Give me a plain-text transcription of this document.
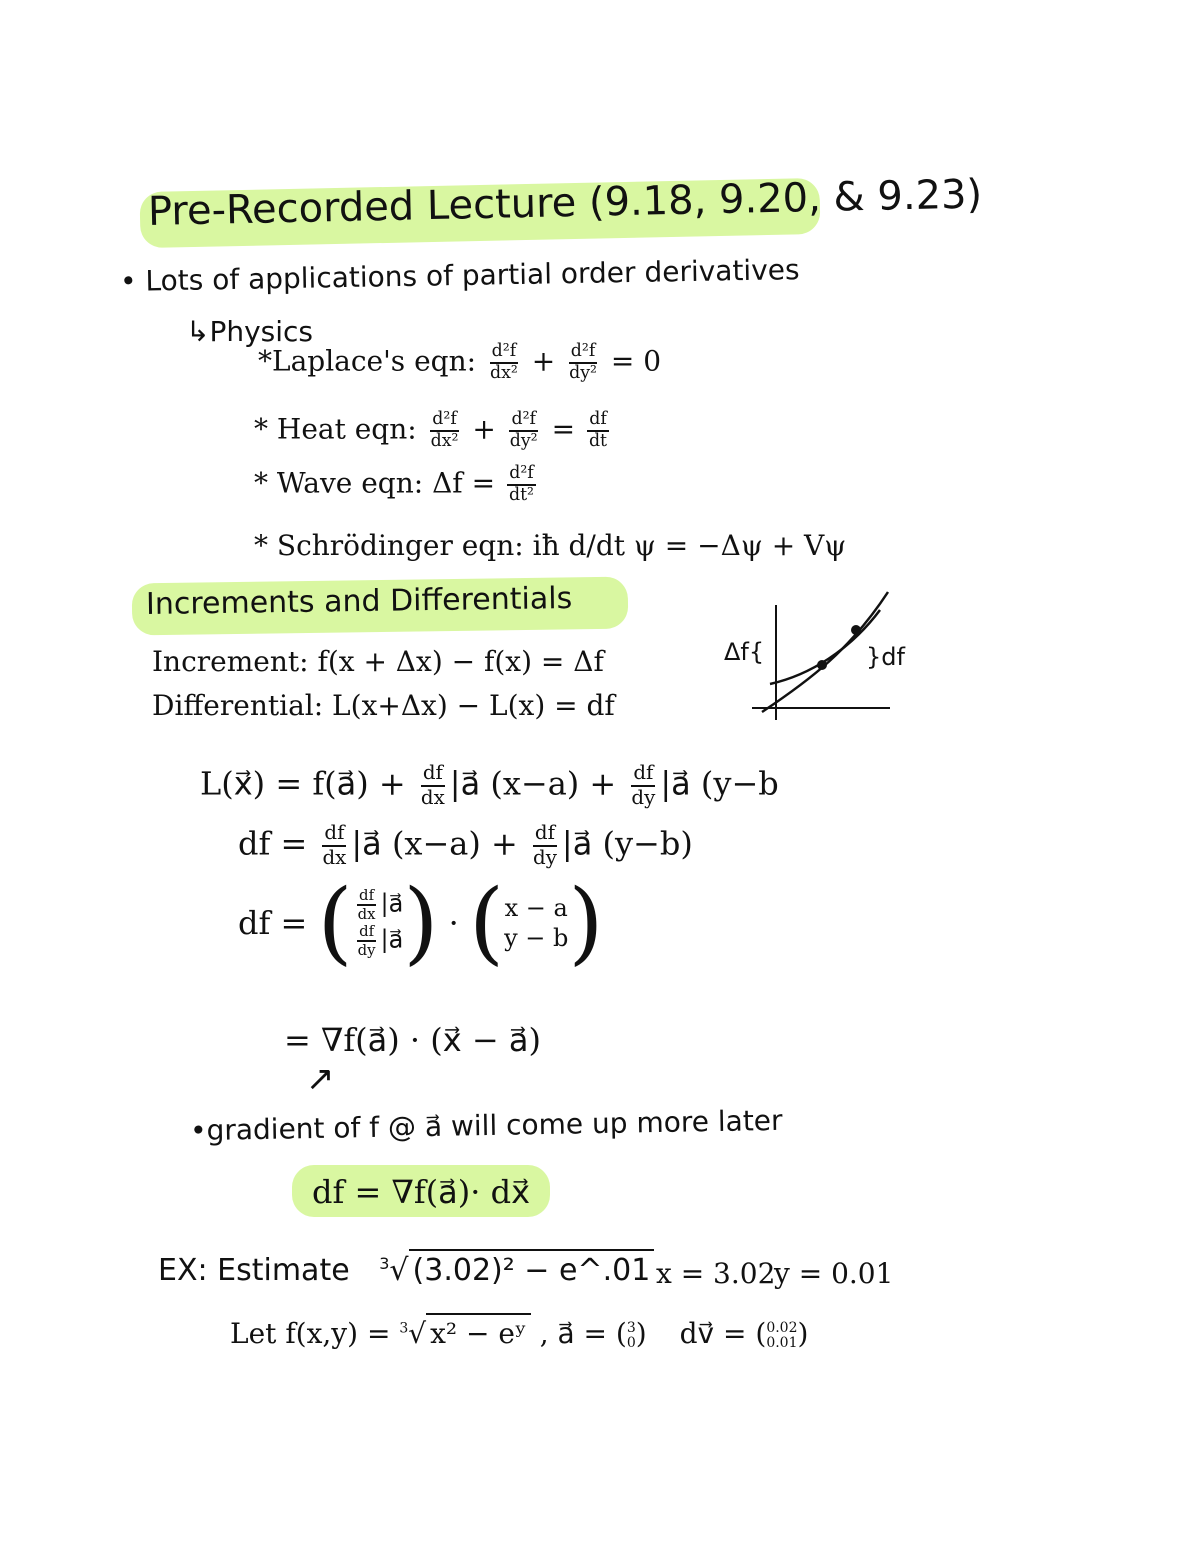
Pre-Recorded Lecture (9.18, 9.20, & 9.23)
• Lots of applications of partial order derivatives
↳Physics
*Laplace's eqn: $\frac{\text{d²f}}{\text{dx²}} + \frac{\text{d²f}}{\text{dy²}} = 0$
* Heat eqn: $\frac{\text{d²f}}{\text{dx²}} + \frac{\text{d²f}}{\text{dy²}} = \frac{df}{dt}$
* Wave eqn: $\Delta f = \frac{\text{d²f}}{\text{dt²}}$
* Schrödinger eqn: iħ d/dt ψ = −Δψ + Vψ
Increments and Differentials
Increment: f(x + Δx) − f(x) = Δf
Differential: L(x+Δx) − L(x) = df
Δf{	}df
L(x⃗) = f(a⃗) + $\frac{df}{dx}$ |a⃗ $(x-a) + \frac{df}{dy}$ |a⃗ (y−b
df = $\frac{df}{dx}$ |a⃗ $(x-a) + \frac{df}{dy}$ |a⃗ (y−b)
df = ( $\frac{df}{dx}$ |a⃗
$\frac{df}{dy}$ |a⃗ ) · ( x − a
y − b )
= ∇f(a⃗) · (x⃗ − a⃗)
↗
•gradient of f @ a⃗ will come up more later
df = ∇f(a⃗)· dx⃗
EX: Estimate $^3$√ (3.02)² − e^.01 x = 3.02
y = 0.01
Let f(x,y) = $^3$√ x² − eʸ , a⃗ = ( 3
0 ) dv⃗ = ( 0.02
0.01 )
